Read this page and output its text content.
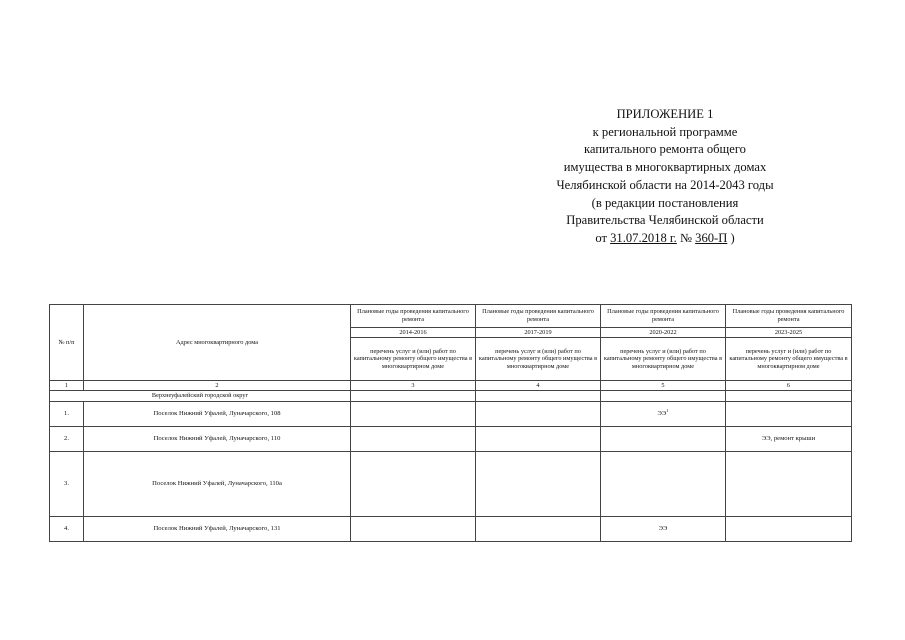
ПРИЛОЖЕНИЕ 1
к региональной программе
капитального ремонта общего
имущества в многоквартирных домах
Челябинской области на 2014-2043 годы
(в редакции постановления
Правительства Челябинской области
от 31.07.2018 г. № 360-П )
№ п/п	Адрес многоквартирного дома	Плановые годы проведения капитального ремонта	Плановые годы проведения капитального ремонта	Плановые годы проведения капитального ремонта	Плановые годы проведения капитального ремонта
		2014-2016	2017-2019	2020-2022	2023-2025
		перечень услуг и (или) работ по капитальному ремонту общего имущества в многоквартирном доме	перечень услуг и (или) работ по капитальному ремонту общего имущества в многоквартирном доме	перечень услуг и (или) работ по капитальному ремонту общего имущества в многоквартирном доме	перечень услуг и (или) работ по капитальному ремонту общего имущества в многоквартирном доме
1	2	3	4	5	6
Верхнеуфалейский городской округ					
1.	Поселок Нижний Уфалей, Луначарского, 108			$ЭЭ^1$	
2.	Поселок Нижний Уфалей, Луначарского, 110				ЭЭ, ремонт крыши
3.	Поселок Нижний Уфалей, Луначарского, 110а				
4.	Поселок Нижний Уфалей, Луначарского, 131			ЭЭ	
